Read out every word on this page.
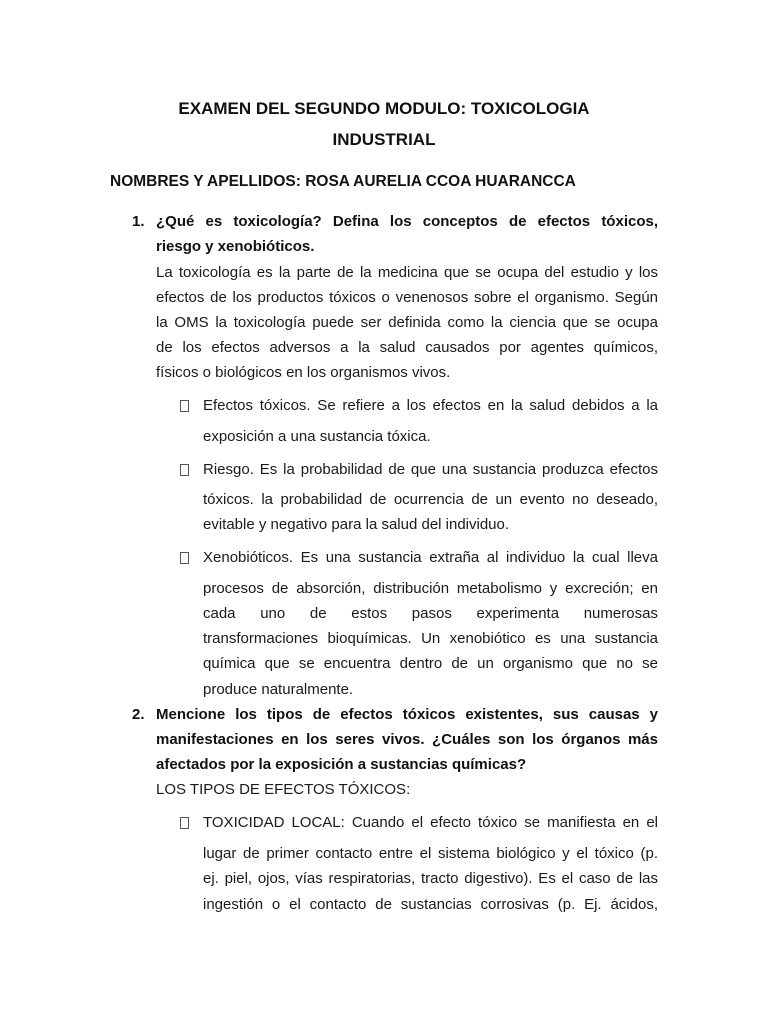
EXAMEN DEL SEGUNDO MODULO: TOXICOLOGIA
INDUSTRIAL
NOMBRES Y APELLIDOS: ROSA AURELIA CCOA HUARANCCA
1. ¿Qué es toxicología? Defina los conceptos de efectos tóxicos,
riesgo y xenobióticos.
La toxicología es la parte de la medicina que se ocupa del estudio y los
efectos de los productos tóxicos o venenosos sobre el organismo. Según
la OMS la toxicología puede ser definida como la ciencia que se ocupa
de los efectos adversos a la salud causados por agentes químicos,
físicos o biológicos en los organismos vivos.
Efectos tóxicos. Se refiere a los efectos en la salud debidos a la
exposición a una sustancia tóxica.
Riesgo. Es la probabilidad de que una sustancia produzca efectos
tóxicos. la probabilidad de ocurrencia de un evento no deseado,
evitable y negativo para la salud del individuo.
Xenobióticos. Es una sustancia extraña al individuo la cual lleva
procesos de absorción, distribución metabolismo y excreción; en
cada uno de estos pasos experimenta numerosas
transformaciones bioquímicas. Un xenobiótico es una sustancia
química que se encuentra dentro de un organismo que no se
produce naturalmente.
2. Mencione los tipos de efectos tóxicos existentes, sus causas y
manifestaciones en los seres vivos. ¿Cuáles son los órganos más
afectados por la exposición a sustancias químicas?
LOS TIPOS DE EFECTOS TÓXICOS:
TOXICIDAD LOCAL: Cuando el efecto tóxico se manifiesta en el
lugar de primer contacto entre el sistema biológico y el tóxico (p.
ej. piel, ojos, vías respiratorias, tracto digestivo). Es el caso de las
ingestión o el contacto de sustancias corrosivas (p. Ej. ácidos,
